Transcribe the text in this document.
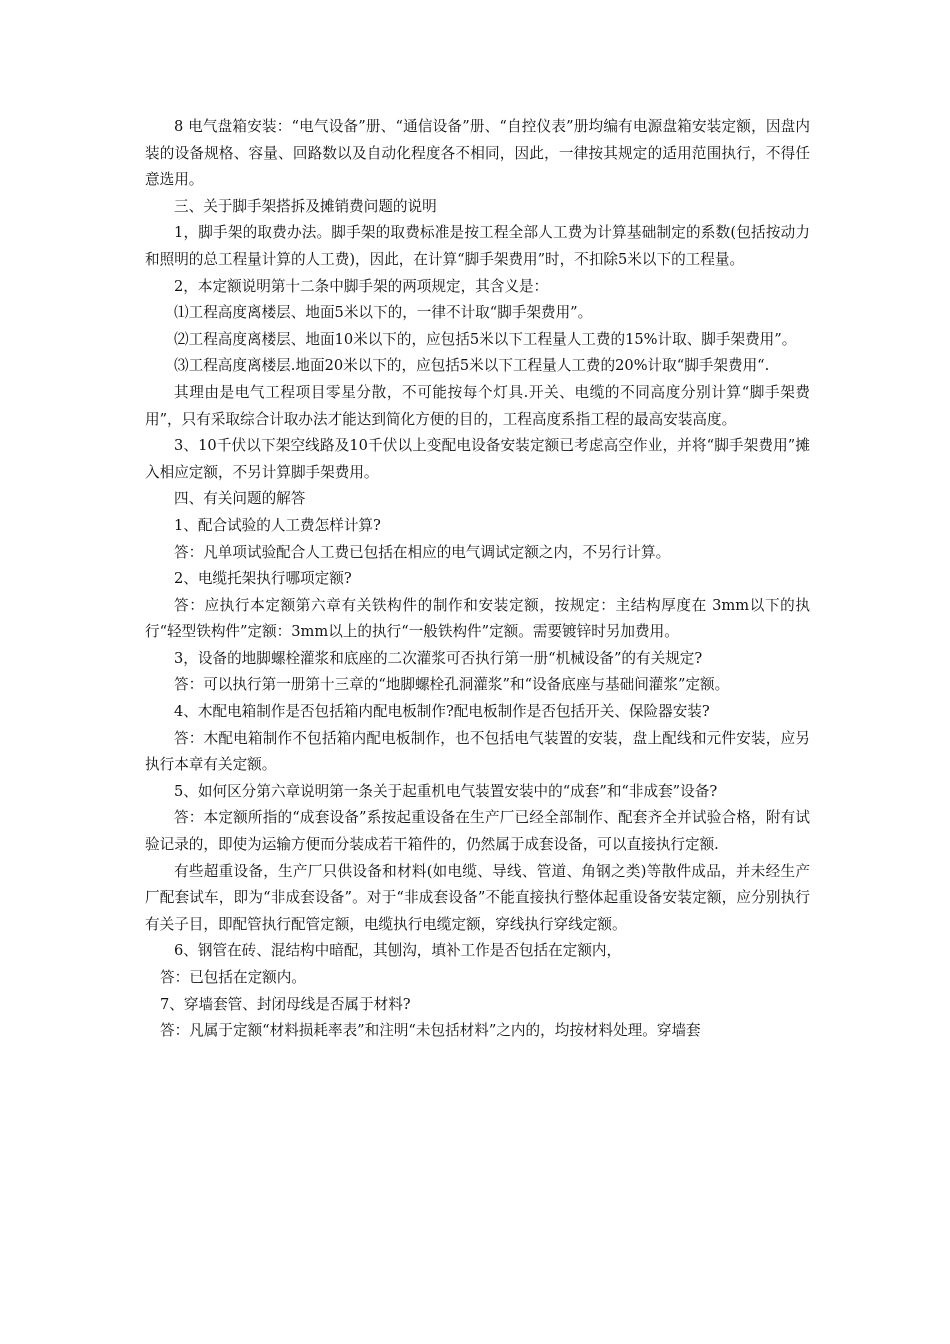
8 电气盘箱安装：“电气设备”册、“通信设备”册、“自控仪表”册均编有电源盘箱安装定额，因盘内装的设备规格、容量、回路数以及自动化程度各不相同，因此，一律按其规定的适用范围执行，不得任意选用。

三、关于脚手架搭拆及摊销费问题的说明

1，脚手架的取费办法。脚手架的取费标准是按工程全部人工费为计算基础制定的系数(包括按动力和照明的总工程量计算的人工费)，因此，在计算“脚手架费用”时，不扣除5米以下的工程量。

2，本定额说明第十二条中脚手架的两项规定，其含义是：

⑴工程高度离楼层、地面5米以下的，一律不计取“脚手架费用”。

⑵工程高度离楼层、地面10米以下的，应包括5米以下工程量人工费的15%计取、脚手架费用”。

⑶工程高度离楼层.地面20米以下的，应包括5米以下工程量人工费的20%计取“脚手架费用“.

其理由是电气工程项目零星分散，不可能按每个灯具.开关、电缆的不同高度分别计算“脚手架费用”，只有采取综合计取办法才能达到简化方便的目的，工程高度系指工程的最高安装高度。

3、10千伏以下架空线路及10千伏以上变配电设备安装定额已考虑高空作业，并将“脚手架费用”摊入相应定额，不另计算脚手架费用。

四、有关问题的解答

1、配合试验的人工费怎样计算?

答：凡单项试验配合人工费已包括在相应的电气调试定额之内，不另行计算。

2、电缆托架执行哪项定额?

答：应执行本定额第六章有关铁构件的制作和安装定额，按规定：主结构厚度在 3mm以下的执行“轻型铁构件”定额：3mm以上的执行“一般铁构件”定额。需要镀锌时另加费用。

3，设备的地脚螺栓灌浆和底座的二次灌浆可否执行第一册“机械设备”的有关规定?

答：可以执行第一册第十三章的“地脚螺栓孔洞灌浆”和“设备底座与基础间灌浆”定额。

4、木配电箱制作是否包括箱内配电板制作?配电板制作是否包括开关、保险器安装?

答：木配电箱制作不包括箱内配电板制作，也不包括电气装置的安装，盘上配线和元件安装，应另执行本章有关定额。

5、如何区分第六章说明第一条关于起重机电气装置安装中的“成套”和“非成套”设备?

答：本定额所指的“成套设备”系按起重设备在生产厂已经全部制作、配套齐全并试验合格，附有试验记录的，即使为运输方便而分装成若干箱件的，仍然属于成套设备，可以直接执行定额.

有些超重设备，生产厂只供设备和材料(如电缆、导线、管道、角钢之类)等散件成品，并未经生产厂配套试车，即为“非成套设备”。对于“非成套设备”不能直接执行整体起重设备安装定额，应分别执行有关子目，即配管执行配管定额，电缆执行电缆定额，穿线执行穿线定额。

6、钢管在砖、混结构中暗配，其刨沟，填补工作是否包括在定额内，

答：已包括在定额内。

7、穿墙套管、封闭母线是否属于材料?

答：凡属于定额“材料损耗率表”和注明“未包括材料”之内的，均按材料处理。穿墙套
